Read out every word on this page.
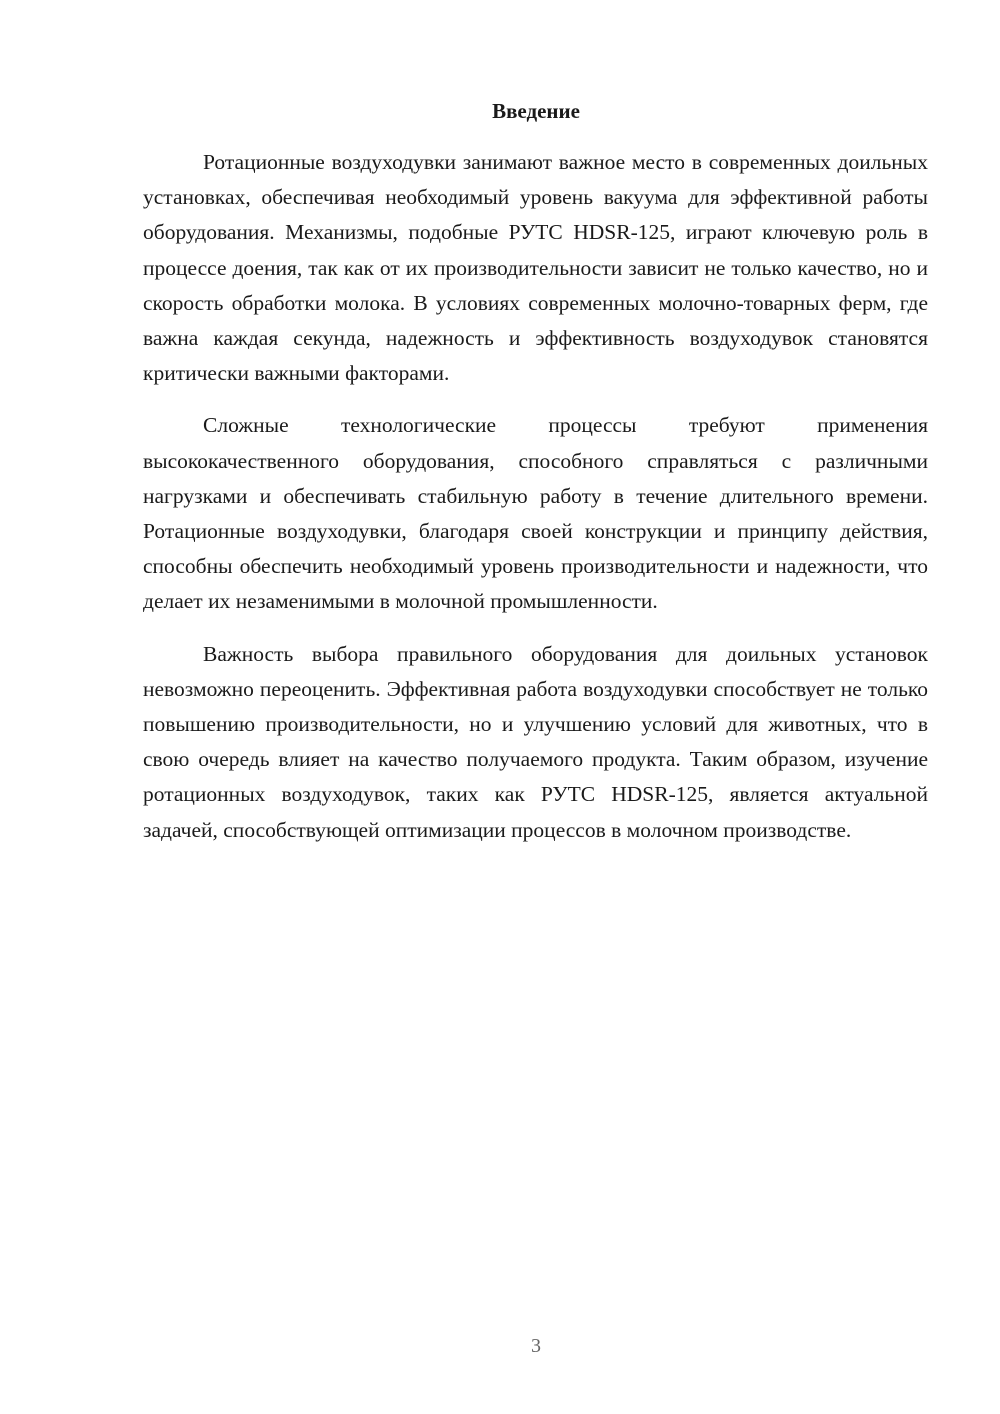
Введение

Ротационные воздуходувки занимают важное место в современных доильных установках, обеспечивая необходимый уровень вакуума для эффективной работы оборудования. Механизмы, подобные РУТС HDSR-125, играют ключевую роль в процессе доения, так как от их производительности зависит не только качество, но и скорость обработки молока. В условиях современных молочно-товарных ферм, где важна каждая секунда, надежность и эффективность воздуходувок становятся критически важными факторами.

Сложные технологические процессы требуют применения высококачественного оборудования, способного справляться с различными нагрузками и обеспечивать стабильную работу в течение длительного времени. Ротационные воздуходувки, благодаря своей конструкции и принципу действия, способны обеспечить необходимый уровень производительности и надежности, что делает их незаменимыми в молочной промышленности.

Важность выбора правильного оборудования для доильных установок невозможно переоценить. Эффективная работа воздуходувки способствует не только повышению производительности, но и улучшению условий для животных, что в свою очередь влияет на качество получаемого продукта. Таким образом, изучение ротационных воздуходувок, таких как РУТС HDSR-125, является актуальной задачей, способствующей оптимизации процессов в молочном производстве.

3
